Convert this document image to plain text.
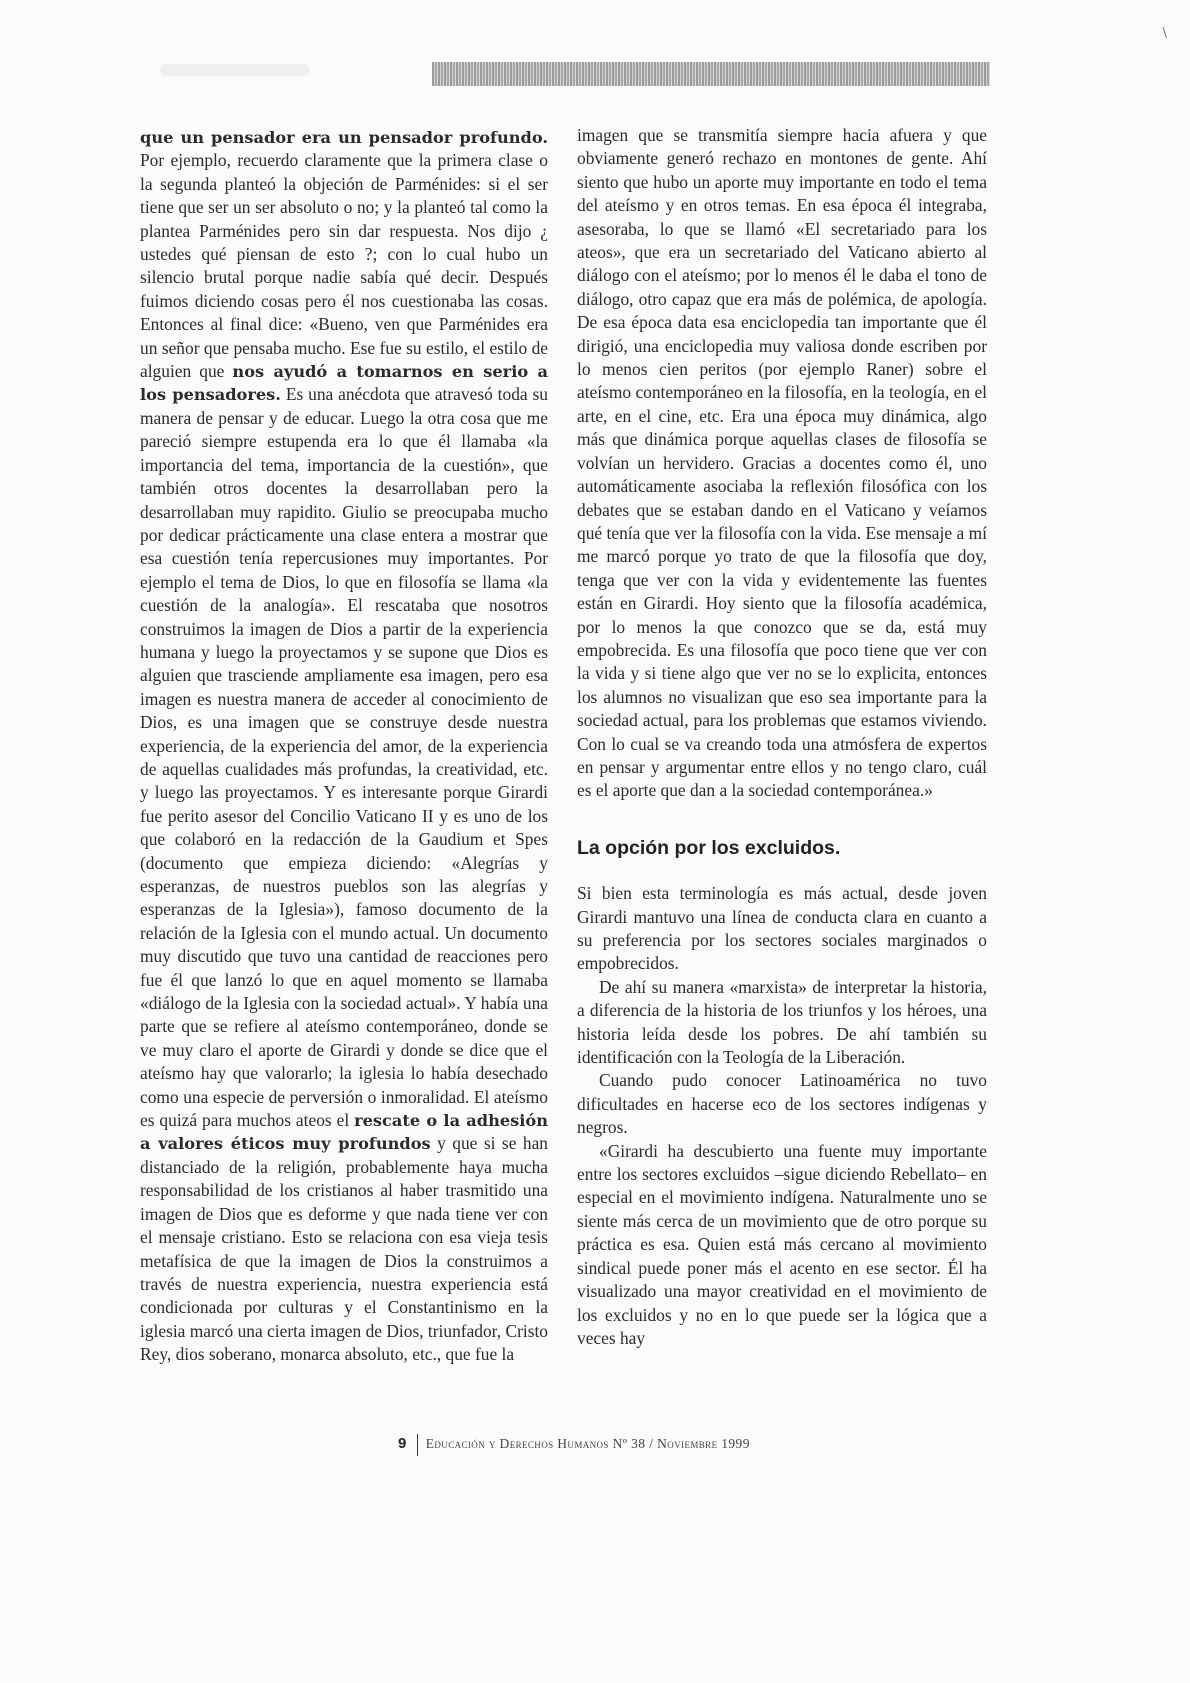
∖

que un pensador era un pensador profundo. Por ejemplo, recuerdo claramente que la primera clase o la segunda planteó la objeción de Parménides: si el ser tiene que ser un ser absoluto o no; y la planteó tal como la plantea Parménides pero sin dar respuesta. Nos dijo ¿ ustedes qué piensan de esto ?; con lo cual hubo un silencio brutal porque nadie sabía qué decir. Después fuimos diciendo cosas pero él nos cuestionaba las cosas. Entonces al final dice: «Bueno, ven que Parménides era un señor que pensaba mucho. Ese fue su estilo, el estilo de alguien que nos ayudó a tomarnos en serio a los pensadores. Es una anécdota que atravesó toda su manera de pensar y de educar. Luego la otra cosa que me pareció siempre estupenda era lo que él llamaba «la importancia del tema, importancia de la cuestión», que también otros docentes la desarrollaban pero la desarrollaban muy rapidito. Giulio se preocupaba mucho por dedicar prácticamente una clase entera a mostrar que esa cuestión tenía repercusiones muy importantes. Por ejemplo el tema de Dios, lo que en filosofía se llama «la cuestión de la analogía». El rescataba que nosotros construimos la imagen de Dios a partir de la experiencia humana y luego la proyectamos y se supone que Dios es alguien que trasciende ampliamente esa imagen, pero esa imagen es nuestra manera de acceder al conocimiento de Dios, es una imagen que se construye desde nuestra experiencia, de la experiencia del amor, de la experiencia de aquellas cualidades más profundas, la creatividad, etc. y luego las proyectamos. Y es interesante porque Girardi fue perito asesor del Concilio Vaticano II y es uno de los que colaboró en la redacción de la Gaudium et Spes (documento que empieza diciendo: «Alegrías y esperanzas, de nuestros pueblos son las alegrías y esperanzas de la Iglesia»), famoso documento de la relación de la Iglesia con el mundo actual. Un documento muy discutido que tuvo una cantidad de reacciones pero fue él que lanzó lo que en aquel momento se llamaba «diálogo de la Iglesia con la sociedad actual». Y había una parte que se refiere al ateísmo contemporáneo, donde se ve muy claro el aporte de Girardi y donde se dice que el ateísmo hay que valorarlo; la iglesia lo había desechado como una especie de perversión o inmoralidad. El ateísmo es quizá para muchos ateos el rescate o la adhesión a valores éticos muy profundos y que si se han distanciado de la religión, probablemente haya mucha responsabilidad de los cristianos al haber trasmitido una imagen de Dios que es deforme y que nada tiene ver con el mensaje cristiano. Esto se relaciona con esa vieja tesis metafísica de que la imagen de Dios la construimos a través de nuestra experiencia, nuestra experiencia está condicionada por culturas y el Constantinismo en la iglesia marcó una cierta imagen de Dios, triunfador, Cristo Rey, dios soberano, monarca absoluto, etc., que fue la

imagen que se transmitía siempre hacia afuera y que obviamente generó rechazo en montones de gente. Ahí siento que hubo un aporte muy importante en todo el tema del ateísmo y en otros temas. En esa época él integraba, asesoraba, lo que se llamó «El secretariado para los ateos», que era un secretariado del Vaticano abierto al diálogo con el ateísmo; por lo menos él le daba el tono de diálogo, otro capaz que era más de polémica, de apología. De esa época data esa enciclopedia tan importante que él dirigió, una enciclopedia muy valiosa donde escriben por lo menos cien peritos (por ejemplo Raner) sobre el ateísmo contemporáneo en la filosofía, en la teología, en el arte, en el cine, etc. Era una época muy dinámica, algo más que dinámica porque aquellas clases de filosofía se volvían un hervidero. Gracias a docentes como él, uno automáticamente asociaba la reflexión filosófica con los debates que se estaban dando en el Vaticano y veíamos qué tenía que ver la filosofía con la vida. Ese mensaje a mí me marcó porque yo trato de que la filosofía que doy, tenga que ver con la vida y evidentemente las fuentes están en Girardi. Hoy siento que la filosofía académica, por lo menos la que conozco que se da, está muy empobrecida. Es una filosofía que poco tiene que ver con la vida y si tiene algo que ver no se lo explicita, entonces los alumnos no visualizan que eso sea importante para la sociedad actual, para los problemas que estamos viviendo. Con lo cual se va creando toda una atmósfera de expertos en pensar y argumentar entre ellos y no tengo claro, cuál es el aporte que dan a la sociedad contemporánea.»

La opción por los excluidos.

Si bien esta terminología es más actual, desde joven Girardi mantuvo una línea de conducta clara en cuanto a su preferencia por los sectores sociales marginados o empobrecidos.

De ahí su manera «marxista» de interpretar la historia, a diferencia de la historia de los triunfos y los héroes, una historia leída desde los pobres. De ahí también su identificación con la Teología de la Liberación.

Cuando pudo conocer Latinoamérica no tuvo dificultades en hacerse eco de los sectores indígenas y negros.

«Girardi ha descubierto una fuente muy importante entre los sectores excluidos –sigue diciendo Rebellato– en especial en el movimiento indígena. Naturalmente uno se siente más cerca de un movimiento que de otro porque su práctica es esa. Quien está más cercano al movimiento sindical puede poner más el acento en ese sector. Él ha visualizado una mayor creatividad en el movimiento de los excluidos y no en lo que puede ser la lógica que a veces hay

9 Educación y Derechos Humanos Nº 38 / Noviembre 1999
